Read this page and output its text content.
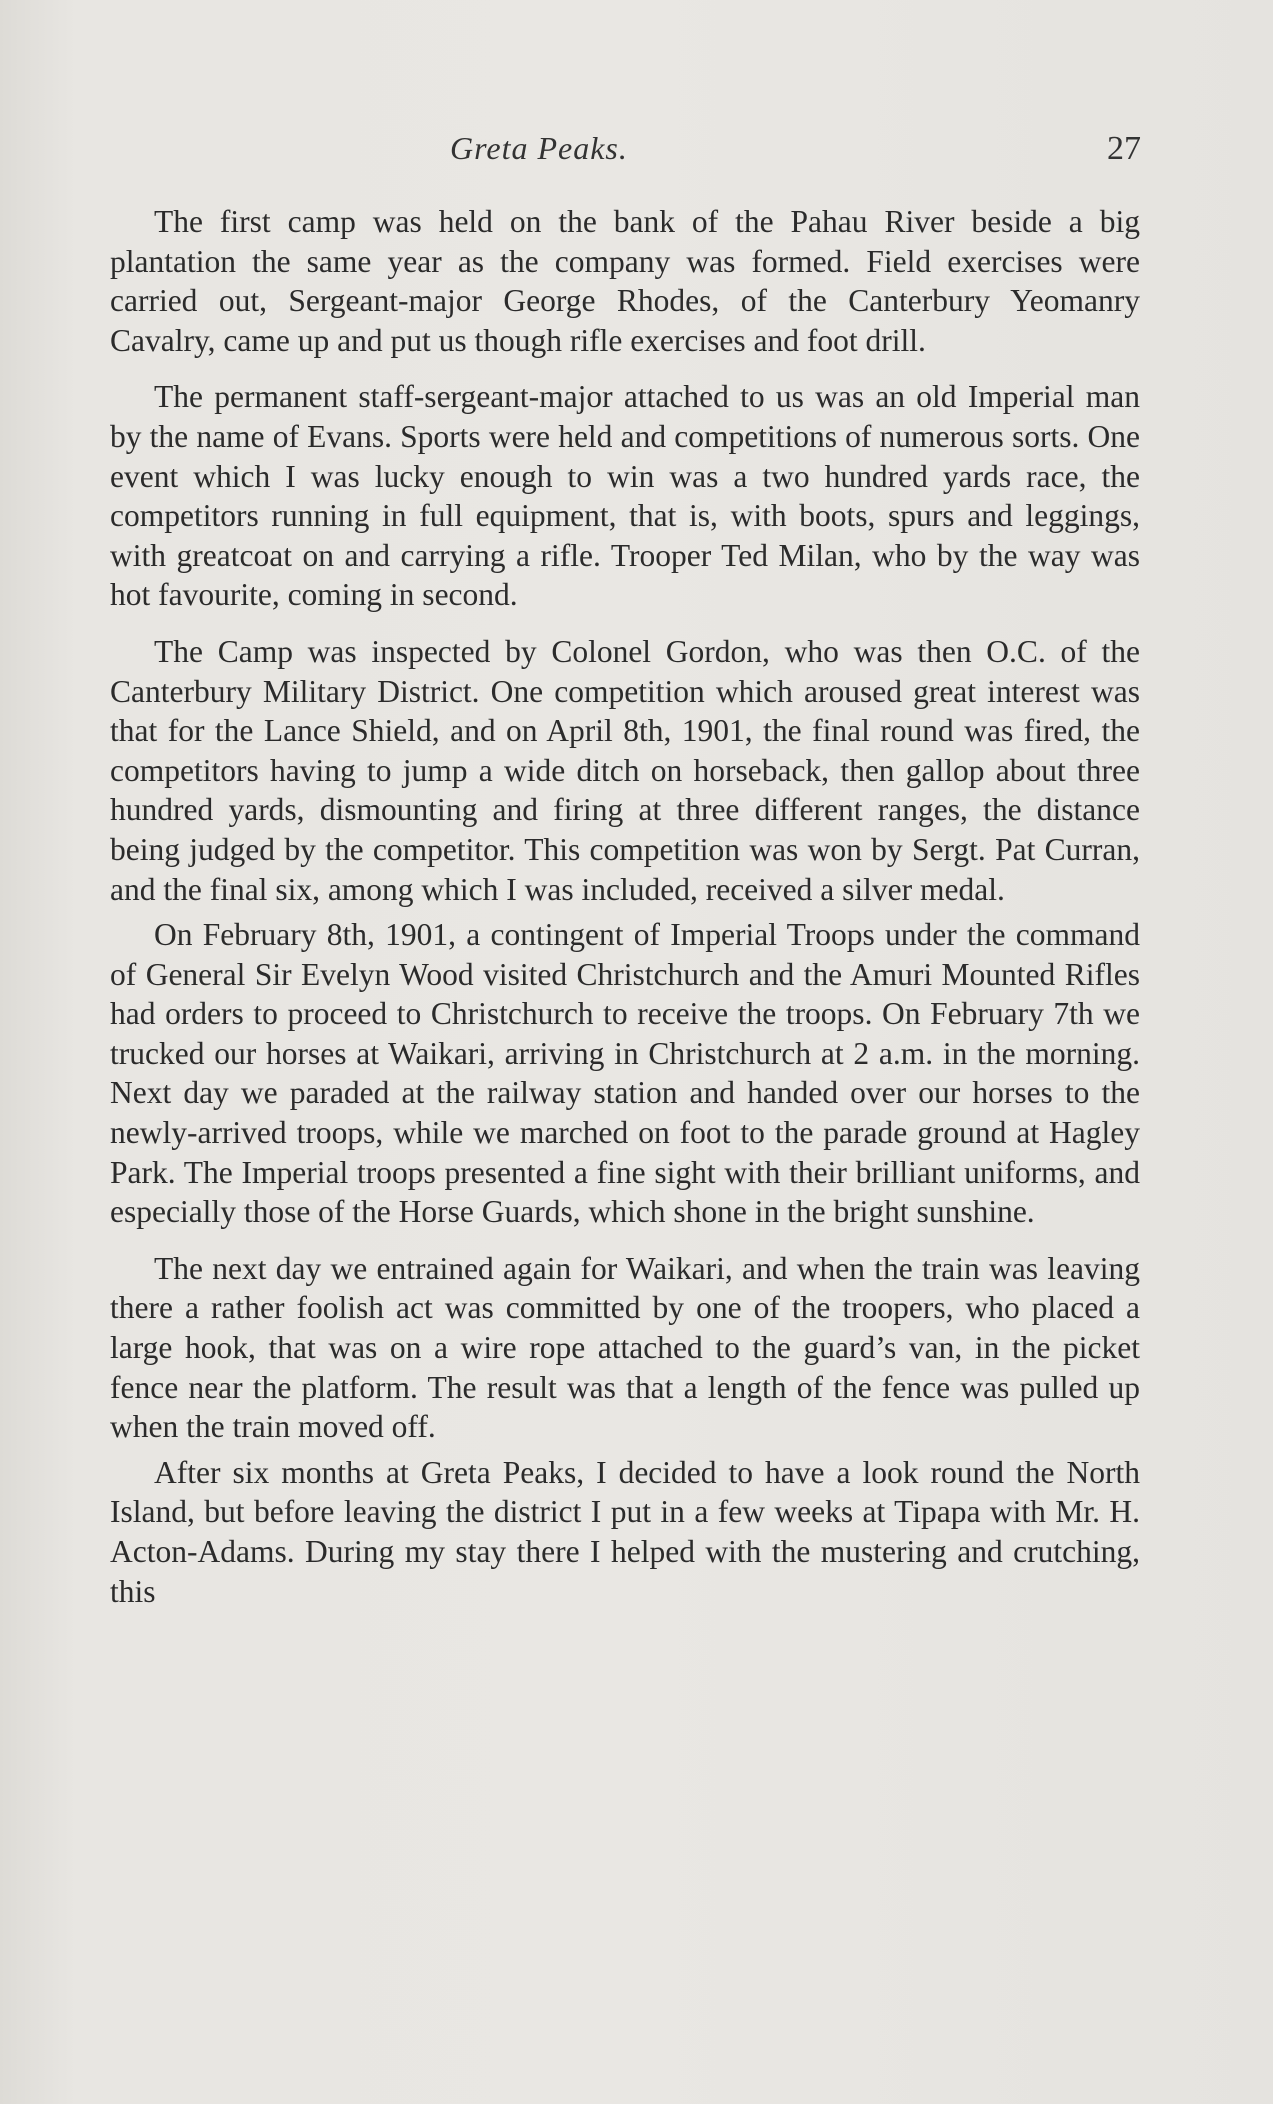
Greta Peaks.	27

The first camp was held on the bank of the Pahau River beside a big plantation the same year as the company was formed. Field exercises were carried out, Sergeant-major George Rhodes, of the Canterbury Yeomanry Cavalry, came up and put us though rifle exercises and foot drill.

The permanent staff-sergeant-major attached to us was an old Imperial man by the name of Evans. Sports were held and competitions of numerous sorts. One event which I was lucky enough to win was a two hundred yards race, the competitors running in full equipment, that is, with boots, spurs and leggings, with greatcoat on and carrying a rifle. Trooper Ted Milan, who by the way was hot favourite, coming in second.

The Camp was inspected by Colonel Gordon, who was then O.C. of the Canterbury Military District. One competition which aroused great interest was that for the Lance Shield, and on April 8th, 1901, the final round was fired, the competitors having to jump a wide ditch on horseback, then gallop about three hundred yards, dismounting and firing at three different ranges, the distance being judged by the competitor. This competition was won by Sergt. Pat Curran, and the final six, among which I was included, received a silver medal.

On February 8th, 1901, a contingent of Imperial Troops under the command of General Sir Evelyn Wood visited Christchurch and the Amuri Mounted Rifles had orders to proceed to Christchurch to receive the troops. On February 7th we trucked our horses at Waikari, arriving in Christchurch at 2 a.m. in the morning. Next day we paraded at the railway station and handed over our horses to the newly-arrived troops, while we marched on foot to the parade ground at Hagley Park. The Imperial troops presented a fine sight with their brilliant uniforms, and especially those of the Horse Guards, which shone in the bright sunshine.

The next day we entrained again for Waikari, and when the train was leaving there a rather foolish act was committed by one of the troopers, who placed a large hook, that was on a wire rope attached to the guard’s van, in the picket fence near the platform. The result was that a length of the fence was pulled up when the train moved off.

After six months at Greta Peaks, I decided to have a look round the North Island, but before leaving the district I put in a few weeks at Tipapa with Mr. H. Acton-Adams. During my stay there I helped with the mustering and crutching, this
